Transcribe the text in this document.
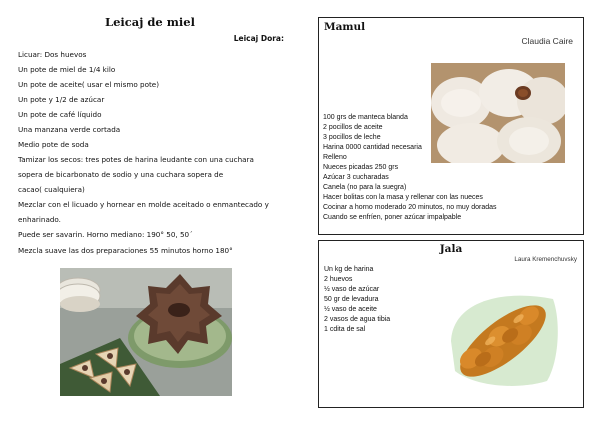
Leicaj de miel
Leicaj Dora:
Licuar: Dos huevos
Un pote de miel de 1/4 kilo
Un pote de aceite( usar el mismo pote)
Un pote y 1/2 de azúcar
Un pote de café líquido
Una manzana verde cortada
Medio pote de soda
Tamizar los secos: tres potes de harina leudante con una cuchara
sopera de bicarbonato de sodio y una cuchara sopera de
cacao( cualquiera)
Mezclar con el licuado y hornear en molde aceitado o enmantecado y
enharinado.
Puede ser savarin. Horno mediano: 190° 50, 50´
Mezcla suave las dos preparaciones 55 minutos horno 180°
Mamul
Claudia Caire
100 grs de manteca blanda
2 pocillos de aceite
3 pocillos de leche
Harina 0000 cantidad necesaria
Relleno
Nueces picadas 250 grs
Azúcar 3 cucharadas
Canela (no para la suegra)
Hacer bolitas con la masa y rellenar con las nueces
Cocinar a horno moderado 20 minutos, no muy doradas
Cuando se enfríen, poner azúcar impalpable
Jala
Laura Kremenchuvsky
Un kg de harina
2 huevos
½ vaso de azúcar
50 gr de levadura
½ vaso de aceite
2 vasos de agua tibia
1 cdita de sal
